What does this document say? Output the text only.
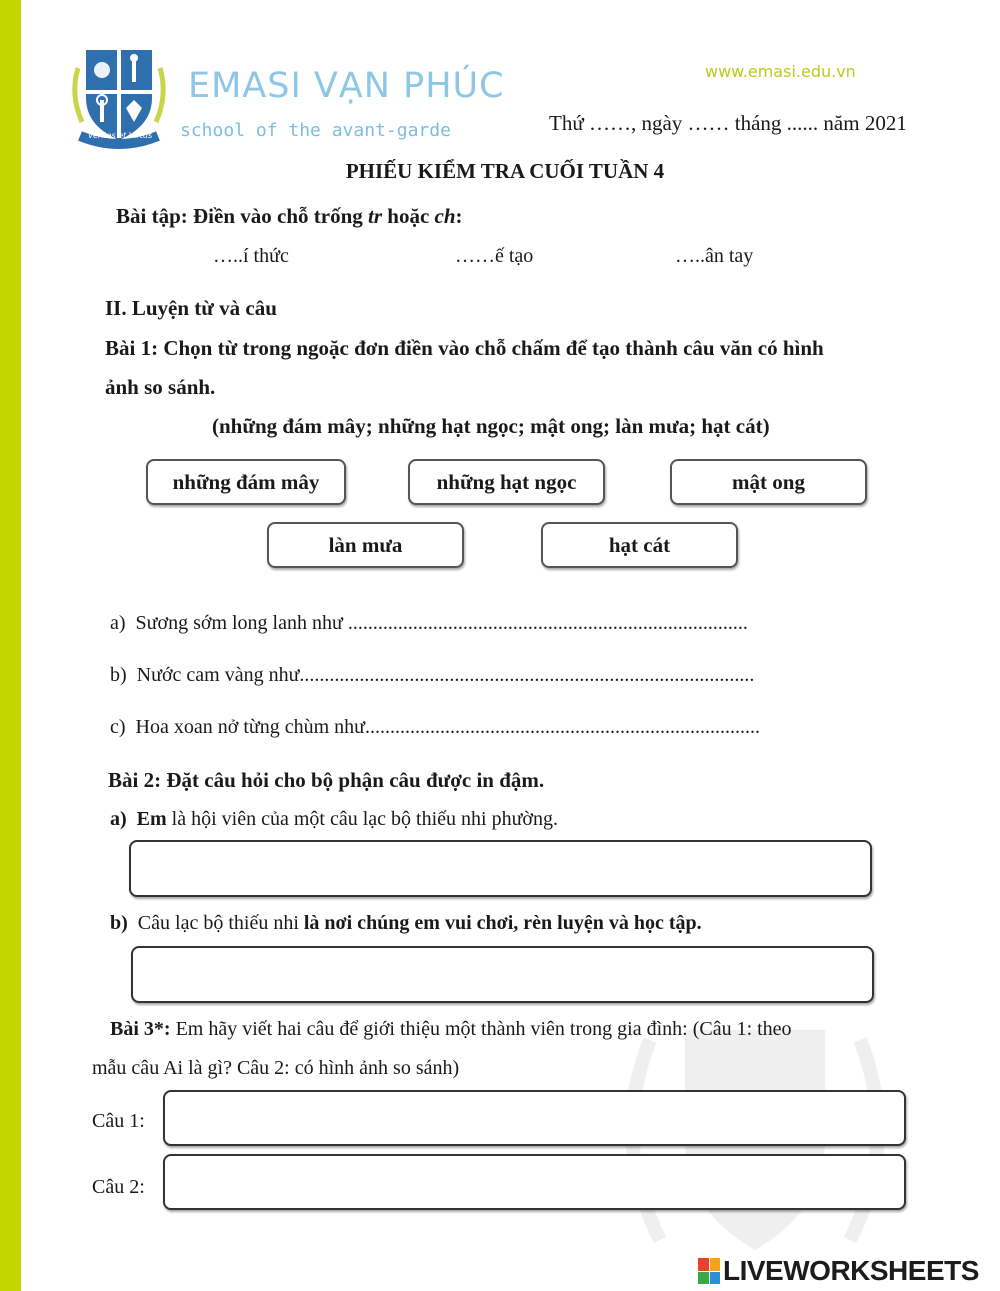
Veritas et Virtus
EMASI VẠN PHÚC
school of the avant-garde
www.emasi.edu.vn
Thứ ……, ngày …… tháng ...... năm 2021
PHIẾU KIỂM TRA CUỐI TUẦN 4
Bài tập: Điền vào chỗ trống tr hoặc ch:
…..í thức	……ế tạo	…..ân tay
II. Luyện từ và câu
Bài 1: Chọn từ trong ngoặc đơn điền vào chỗ chấm để tạo thành câu văn có hình
ảnh so sánh.
(những đám mây; những hạt ngọc; mật ong; làn mưa; hạt cát)
những đám mây	những hạt ngọc	mật ong
làn mưa	hạt cát
a) Sương sớm long lanh như ................................................................................
b) Nước cam vàng như...........................................................................................
c) Hoa xoan nở từng chùm như...............................................................................
Bài 2: Đặt câu hỏi cho bộ phận câu được in đậm.
a) Em là hội viên của một câu lạc bộ thiếu nhi phường.
b) Câu lạc bộ thiếu nhi là nơi chúng em vui chơi, rèn luyện và học tập.
Bài 3*: Em hãy viết hai câu để giới thiệu một thành viên trong gia đình: (Câu 1: theo
mẫu câu Ai là gì? Câu 2: có hình ảnh so sánh)
Câu 1:
Câu 2:
LIVEWORKSHEETS
